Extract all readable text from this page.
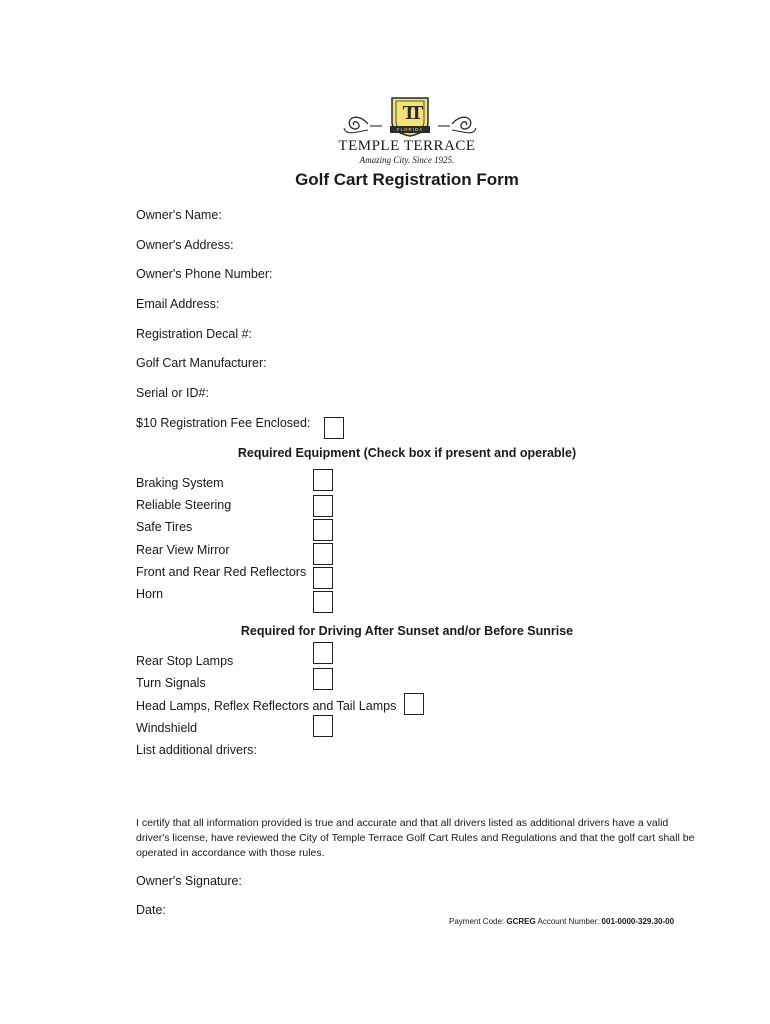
TT
FLORIDA
TEMPLE TERRACE
Amazing City. Since 1925.
Golf Cart Registration Form
Owner's Name:
Owner's Address:
Owner's Phone Number:
Email Address:
Registration Decal #:
Golf Cart Manufacturer:
Serial or ID#:
$10 Registration Fee Enclosed:
Required Equipment (Check box if present and operable)
Braking System
Reliable Steering
Safe Tires
Rear View Mirror
Front and Rear Red Reflectors
Horn
Required for Driving After Sunset and/or Before Sunrise
Rear Stop Lamps
Turn Signals
Head Lamps, Reflex Reflectors and Tail Lamps
Windshield
List additional drivers:
I certify that all information provided is true and accurate and that all drivers listed as additional drivers have a valid driver's license, have reviewed the City of Temple Terrace Golf Cart Rules and Regulations and that the golf cart shall be operated in accordance with those rules.
Owner's Signature:
Date:
Payment Code: GCREG Account Number: 001-0000-329.30-00
